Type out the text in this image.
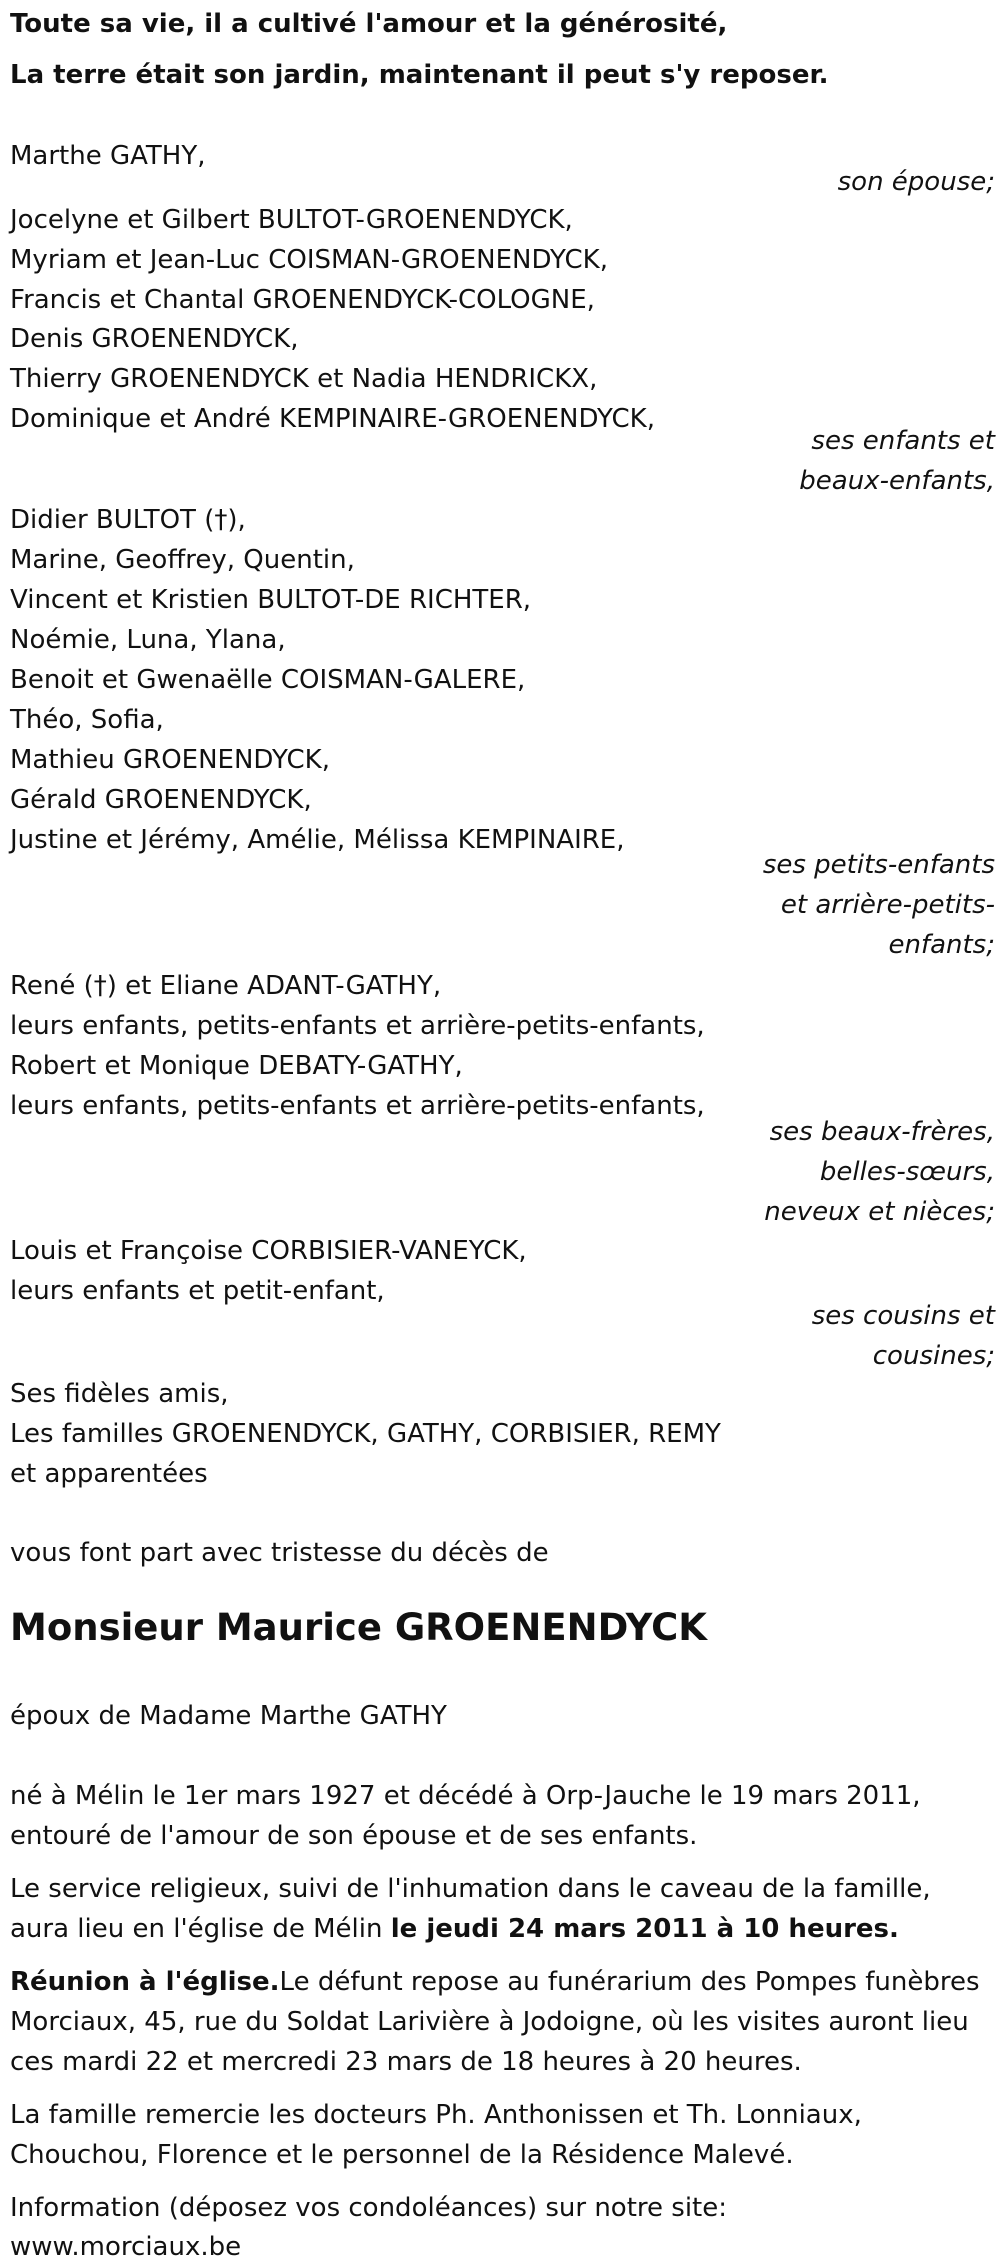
Toute sa vie, il a cultivé l'amour et la générosité,
La terre était son jardin, maintenant il peut s'y reposer.
Marthe GATHY,
son épouse;
Jocelyne et Gilbert BULTOT-GROENENDYCK,
Myriam et Jean-Luc COISMAN-GROENENDYCK,
Francis et Chantal GROENENDYCK-COLOGNE,
Denis GROENENDYCK,
Thierry GROENENDYCK et Nadia HENDRICKX,
Dominique et André KEMPINAIRE-GROENENDYCK,
ses enfants et
beaux-enfants,
Didier BULTOT (†),
Marine, Geoffrey, Quentin,
Vincent et Kristien BULTOT-DE RICHTER,
Noémie, Luna, Ylana,
Benoit et Gwenaëlle COISMAN-GALERE,
Théo, Sofia,
Mathieu GROENENDYCK,
Gérald GROENENDYCK,
Justine et Jérémy, Amélie, Mélissa KEMPINAIRE,
ses petits-enfants
et arrière-petits-
enfants;
René (†) et Eliane ADANT-GATHY,
leurs enfants, petits-enfants et arrière-petits-enfants,
Robert et Monique DEBATY-GATHY,
leurs enfants, petits-enfants et arrière-petits-enfants,
ses beaux-frères,
belles-sœurs,
neveux et nièces;
Louis et Françoise CORBISIER-VANEYCK,
leurs enfants et petit-enfant,
ses cousins et
cousines;
Ses fidèles amis,
Les familles GROENENDYCK, GATHY, CORBISIER, REMY
et apparentées
vous font part avec tristesse du décès de
Monsieur Maurice GROENENDYCK
époux de Madame Marthe GATHY
né à Mélin le 1er mars 1927 et décédé à Orp-Jauche le 19 mars 2011,
entouré de l'amour de son épouse et de ses enfants.
Le service religieux, suivi de l'inhumation dans le caveau de la famille,
aura lieu en l'église de Mélin le jeudi 24 mars 2011 à 10 heures.
Réunion à l'église.Le défunt repose au funérarium des Pompes funèbres
Morciaux, 45, rue du Soldat Larivière à Jodoigne, où les visites auront lieu
ces mardi 22 et mercredi 23 mars de 18 heures à 20 heures.
La famille remercie les docteurs Ph. Anthonissen et Th. Lonniaux,
Chouchou, Florence et le personnel de la Résidence Malevé.
Information (déposez vos condoléances) sur notre site:
www.morciaux.be
